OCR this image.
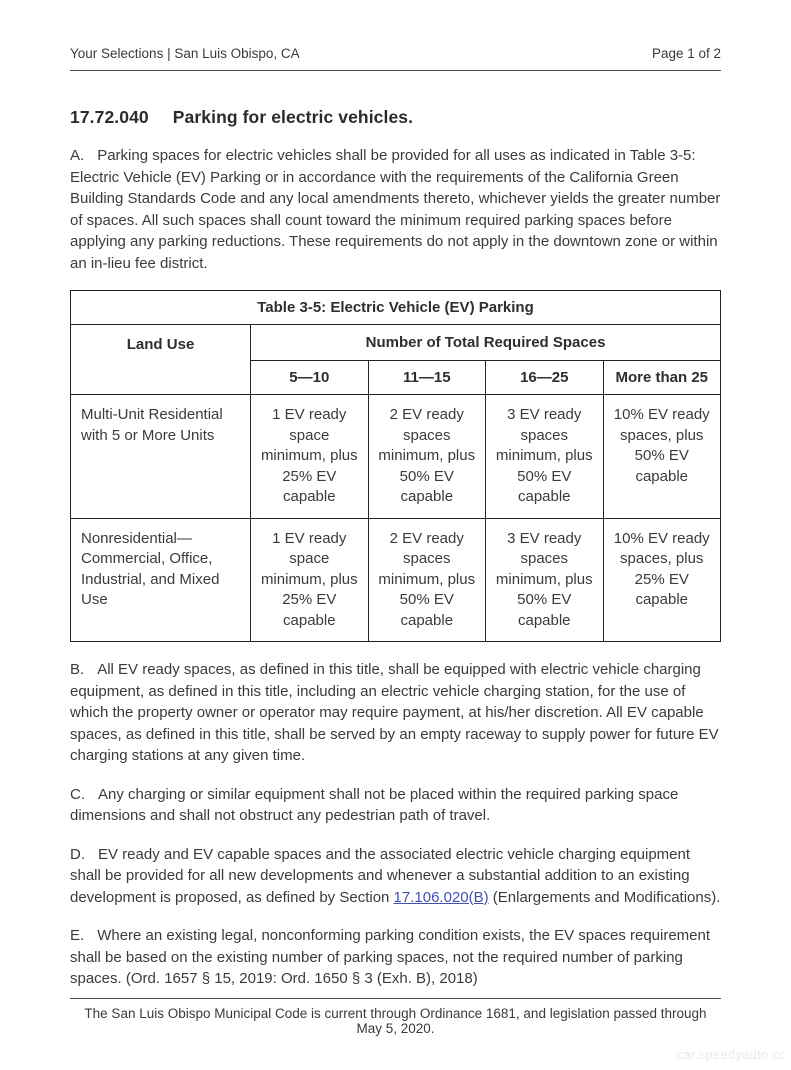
Your Selections | San Luis Obispo, CA	Page 1 of 2
17.72.040 Parking for electric vehicles.

A. Parking spaces for electric vehicles shall be provided for all uses as indicated in Table 3-5: Electric Vehicle (EV) Parking or in accordance with the requirements of the California Green Building Standards Code and any local amendments thereto, whichever yields the greater number of spaces. All such spaces shall count toward the minimum required parking spaces before applying any parking reductions. These requirements do not apply in the downtown zone or within an in-lieu fee district.

Table 3-5: Electric Vehicle (EV) Parking				
Land Use	Number of Total Required Spaces			
	5—10	11—15	16—25	More than 25
Multi-Unit Residential with 5 or More Units	1 EV ready space minimum, plus 25% EV capable	2 EV ready spaces minimum, plus 50% EV capable	3 EV ready spaces minimum, plus 50% EV capable	10% EV ready spaces, plus 50% EV capable
Nonresidential—Commercial, Office, Industrial, and Mixed Use	1 EV ready space minimum, plus 25% EV capable	2 EV ready spaces minimum, plus 50% EV capable	3 EV ready spaces minimum, plus 50% EV capable	10% EV ready spaces, plus 25% EV capable

B. All EV ready spaces, as defined in this title, shall be equipped with electric vehicle charging equipment, as defined in this title, including an electric vehicle charging station, for the use of which the property owner or operator may require payment, at his/her discretion. All EV capable spaces, as defined in this title, shall be served by an empty raceway to supply power for future EV charging stations at any given time.

C. Any charging or similar equipment shall not be placed within the required parking space dimensions and shall not obstruct any pedestrian path of travel.

D. EV ready and EV capable spaces and the associated electric vehicle charging equipment shall be provided for all new developments and whenever a substantial addition to an existing development is proposed, as defined by Section 17.106.020(B) (Enlargements and Modifications).

E. Where an existing legal, nonconforming parking condition exists, the EV spaces requirement shall be based on the existing number of parking spaces, not the required number of parking spaces. (Ord. 1657 § 15, 2019: Ord. 1650 § 3 (Exh. B), 2018)

The San Luis Obispo Municipal Code is current through Ordinance 1681, and legislation passed through May 5, 2020.
car.speedyauto.cc
